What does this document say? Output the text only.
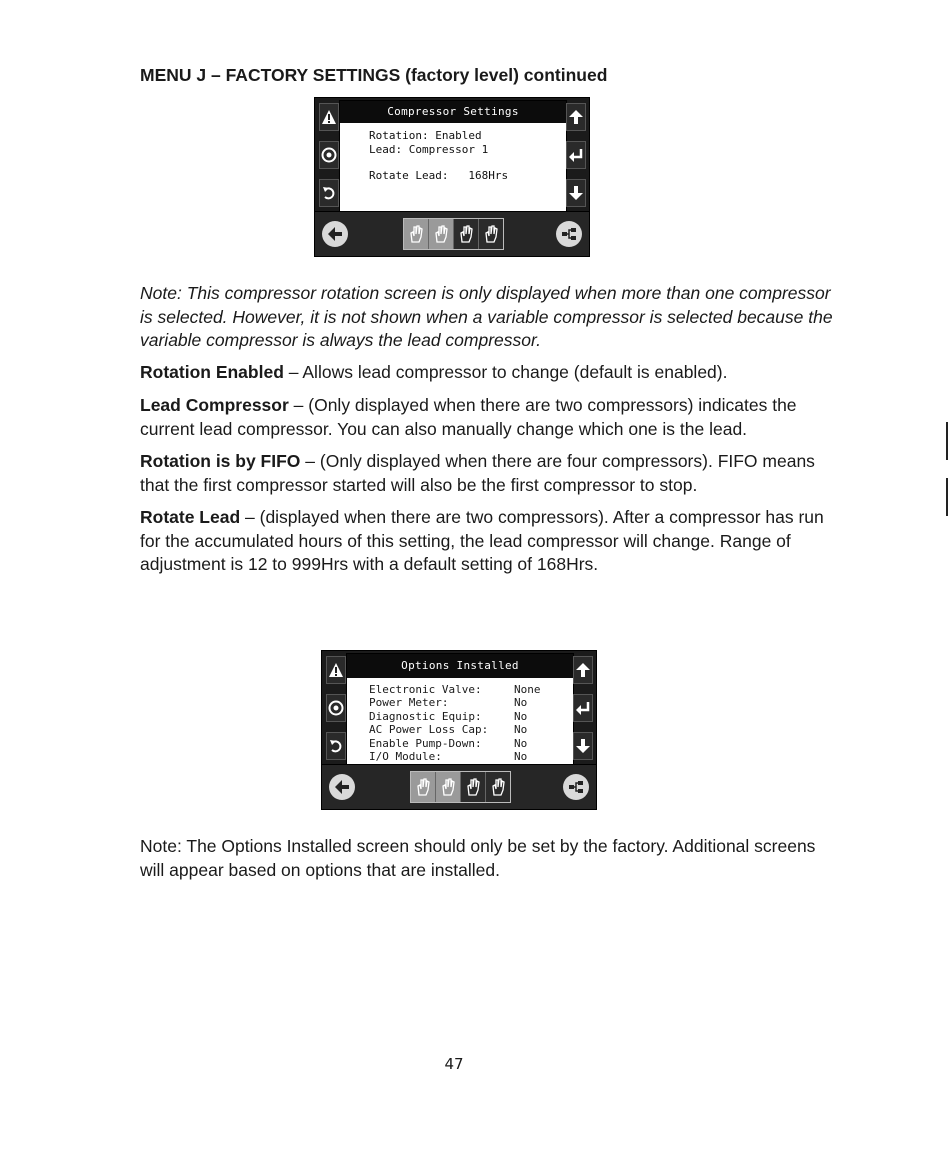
MENU J – FACTORY SETTINGS (factory level) continued
Compressor Settings
Rotation: Enabled
Lead: Compressor 1
Rotate Lead:   168Hrs
Note: This compressor rotation screen is only displayed when more than one compressor is selected. However, it is not shown when a variable compressor is selected because the variable compressor is always the lead compressor.
Rotation Enabled – Allows lead compressor to change (default is enabled).
Lead Compressor – (Only displayed when there are two compressors) indicates the current lead compressor. You can also manually change which one is the lead.
Rotation is by FIFO – (Only displayed when there are four compressors). FIFO means that the first compressor started will also be the first compressor to stop.
Rotate Lead – (displayed when there are two compressors). After a compressor has run for the accumulated hours of this setting, the lead compressor will change. Range of adjustment is 12 to 999Hrs with a default setting of 168Hrs.
Options Installed
Electronic Valve:	None
Power Meter:	No
Diagnostic Equip:	No
AC Power Loss Cap:	No
Enable Pump-Down:	No
I/O Module:	No
Note: The Options Installed screen should only be set by the factory. Additional screens will appear based on options that are installed.
47
